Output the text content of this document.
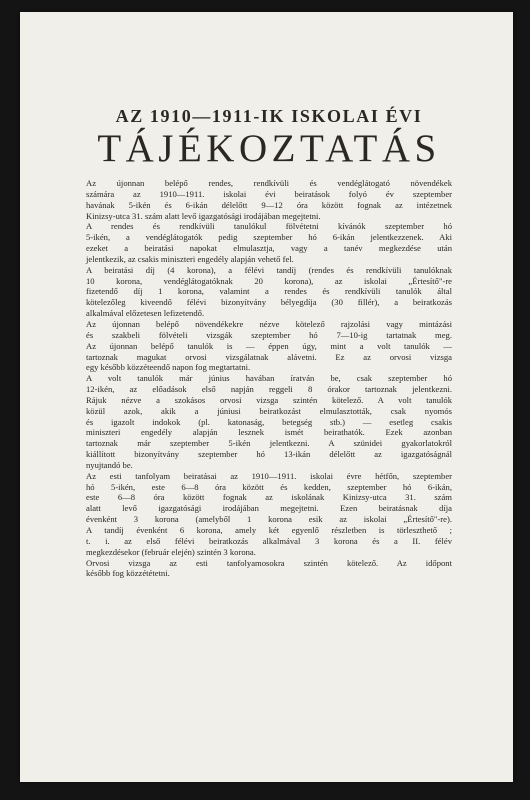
AZ 1910—1911-IK ISKOLAI ÉVI
TÁJÉKOZTATÁS

Az újonnan belépő rendes, rendkívüli és vendéglátogató növendékek
számára az 1910—1911. iskolai évi beiratások folyó év szeptember
havának 5-ikén és 6-ikán délelőtt 9—12 óra között fognak az intézetnek
Kinizsy-utca 31. szám alatt levő igazgatósági irodájában megejtetni.

A rendes és rendkívüli tanulókul fölvétetni kívánók szeptember hó
5-ikén, a vendéglátogatók pedig szeptember hó 6-ikán jelentkezzenek. Aki
ezeket a beiratási napokat elmulasztja, vagy a tanév megkezdése után
jelentkezik, az csakis miniszteri engedély alapján vehető fel.

A beiratási díj (4 korona), a félévi tandíj (rendes és rendkívüli tanulóknak
10 korona, vendéglátogatóknak 20 korona), az iskolai „Értesítő"-re
fizetendő díj 1 korona, valamint a rendes és rendkívüli tanulók által
kötelezőleg kiveendő félévi bizonyítvány bélyegdíja (30 fillér), a beiratkozás
alkalmával előzetesen lefizetendő.

Az újonnan belépő növendékekre nézve kötelező rajzolási vagy mintázási
és szakbeli fölvételi vizsgák szeptember hó 7—10-ig tartatnak meg.
Az újonnan belépő tanulók is — éppen úgy, mint a volt tanulók —
tartoznak magukat orvosi vizsgálatnak alávetni. Ez az orvosi vizsga
egy később közzéteendő napon fog megtartatni.

A volt tanulók már június havában íratván be, csak szeptember hó
12-ikén, az előadások első napján reggeli 8 órakor tartoznak jelentkezni.
Rájuk nézve a szokásos orvosi vizsga szintén kötelező. A volt tanulók
közül azok, akik a júniusi beiratkozást elmulasztották, csak nyomós
és igazolt indokok (pl. katonaság, betegség stb.) — esetleg csakis
miniszteri engedély alapján lesznek ismét beirathatók. Ezek azonban
tartoznak már szeptember 5-ikén jelentkezni. A szünidei gyakorlatokról
kiállított bizonyítvány szeptember hó 13-ikán délelőtt az igazgatóságnál
nyujtandó be.

Az esti tanfolyam beiratásai az 1910—1911. iskolai évre hétfőn, szeptember
hó 5-ikén, este 6—8 óra között és kedden, szeptember hó 6-ikán,
este 6—8 óra között fognak az iskolának Kinizsy-utca 31. szám
alatt levő igazgatósági irodájában megejtetni. Ezen beiratásnak díja
évenként 3 korona (amelyből 1 korona esik az iskolai „Értesítő"-re).
A tandíj évenként 6 korona, amely két egyenlő részletben is törleszthető ;
t. i. az első félévi beiratkozás alkalmával 3 korona és a II. félév
megkezdésekor (február elején) szintén 3 korona.

Orvosi vizsga az esti tanfolyamosokra szintén kötelező. Az időpont
később fog közzététetni.
